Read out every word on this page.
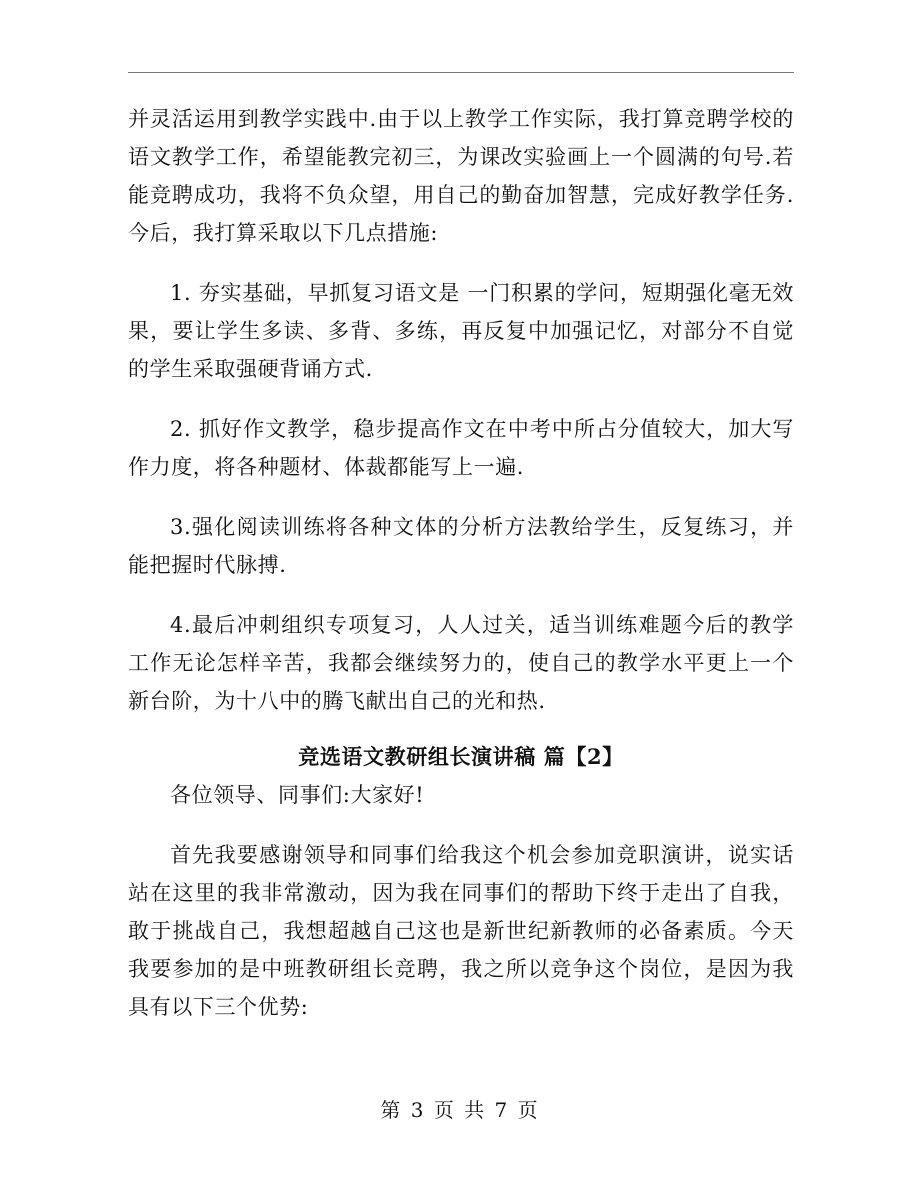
并灵活运用到教学实践中.由于以上教学工作实际，我打算竞聘学校的语文教学工作，希望能教完初三，为课改实验画上一个圆满的句号.若能竞聘成功，我将不负众望，用自己的勤奋加智慧，完成好教学任务.今后，我打算采取以下几点措施:

1. 夯实基础，早抓复习语文是 一门积累的学问，短期强化毫无效果，要让学生多读、多背、多练，再反复中加强记忆，对部分不自觉的学生采取强硬背诵方式.

2. 抓好作文教学，稳步提高作文在中考中所占分值较大，加大写作力度，将各种题材、体裁都能写上一遍.

3.强化阅读训练将各种文体的分析方法教给学生，反复练习，并能把握时代脉搏.

4.最后冲刺组织专项复习，人人过关，适当训练难题今后的教学工作无论怎样辛苦，我都会继续努力的，使自己的教学水平更上一个新台阶，为十八中的腾飞献出自己的光和热.

竞选语文教研组长演讲稿 篇【2】

各位领导、同事们:大家好!

首先我要感谢领导和同事们给我这个机会参加竞职演讲，说实话站在这里的我非常激动，因为我在同事们的帮助下终于走出了自我，敢于挑战自己，我想超越自己这也是新世纪新教师的必备素质。今天我要参加的是中班教研组长竞聘，我之所以竞争这个岗位，是因为我具有以下三个优势:

第 3 页 共 7 页
